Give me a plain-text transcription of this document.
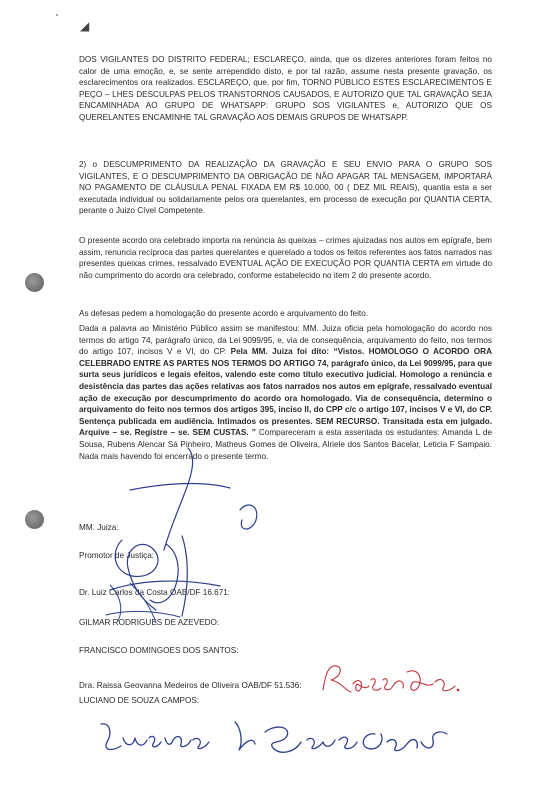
◢

DOS VIGILANTES DO DISTRITO FEDERAL; ESCLAREÇO, ainda, que os dizeres anteriores foram feitos no calor de uma emoção, e, se sente arrependido disto, e por tal razão, assume nesta presente gravação, os esclarecimentos ora realizados. ESCLAREÇO, que, por fim, TORNO PÚBLICO ESTES ESCLARECIMENTOS E PEÇO – LHES DESCULPAS PELOS TRANSTORNOS CAUSADOS, E AUTORIZO QUE TAL GRAVAÇÃO SEJA ENCAMINHADA AO GRUPO DE WHATSAPP: GRUPO SOS VIGILANTES e, AUTORIZO QUE OS QUERELANTES ENCAMINHE TAL GRAVAÇÃO AOS DEMAIS GRUPOS DE WHATSAPP.

2) o DESCUMPRIMENTO DA REALIZAÇÃO DA GRAVAÇÃO E SEU ENVIO PARA O GRUPO SOS VIGILANTES, E O DESCUMPRIMENTO DA OBRIGAÇÃO DE NÃO APAGAR TAL MENSAGEM, IMPORTARÁ NO PAGAMENTO DE CLÁUSULA PENAL FIXADA EM R$ 10.000, 00 ( DEZ MIL REAIS), quantia esta a ser executada individual ou solidariamente pelos ora querelantes, em processo de execução por QUANTIA CERTA, perante o Juizo Cível Competente.

O presente acordo ora celebrado importa na renúncia às queixas – crimes ajuizadas nos autos em epígrafe, bem assim, renuncia recíproca das partes querelantes e querelado a todos os feitos referentes aos fatos narrados nas presentes queixas crimes, ressalvado EVENTUAL AÇÃO DE EXECUÇÃO POR QUANTIA CERTA em virtude do não cumprimento do acordo ora celebrado, conforme estabelecido no item 2 do presente acordo.

As defesas pedem a homologação do presente acordo e arquivamento do feito.

Dada a palavra ao Ministério Público assim se manifestou: MM. Juiza oficia pela homologação do acordo nos termos do artigo 74, parágrafo único, da Lei 9099/95, e, via de consequência, arquivamento do feito, nos termos do artigo 107, incisos V e VI, do CP. Pela MM. Juiza foi dito: “Vistos. HOMOLOGO O ACORDO ORA CELEBRADO ENTRE AS PARTES NOS TERMOS DO ARTIGO 74, parágrafo único, da Lei 9099/95, para que surta seus jurídicos e legais efeitos, valendo este como título executivo judicial. Homologo a renúncia e desistência das partes das ações relativas aos fatos narrados nos autos em epígrafe, ressalvado eventual ação de execução por descumprimento do acordo ora homologado. Via de consequência, determino o arquivamento do feito nos termos dos artigos 395, inciso II, do CPP c/c o artigo 107, incisos V e VI, do CP. Sentença publicada em audiência. Intimados os presentes. SEM RECURSO. Transitada esta em julgado. Arquive – se. Registre – se. SEM CUSTAS. ” Compareceram a esta assentada os estudantes: Amanda L de Sousa, Rubens Alencar Sá Pinheiro, Matheus Gomes de Oliveira, Alriele dos Santos Bacelar, Leticia F Sampaio. Nada mais havendo foi encerrado o presente termo.

MM. Juiza:
Promotor de Justiça:
Dr. Luiz Carlos da Costa OAB/DF 16.671:
GILMAR RODRIGUES DE AZEVEDO:
FRANCISCO DOMINGOES DOS SANTOS:
Dra. Raissa Geovanna Medeiros de Oliveira OAB/DF 51.536:
LUCIANO DE SOUZA CAMPOS:
